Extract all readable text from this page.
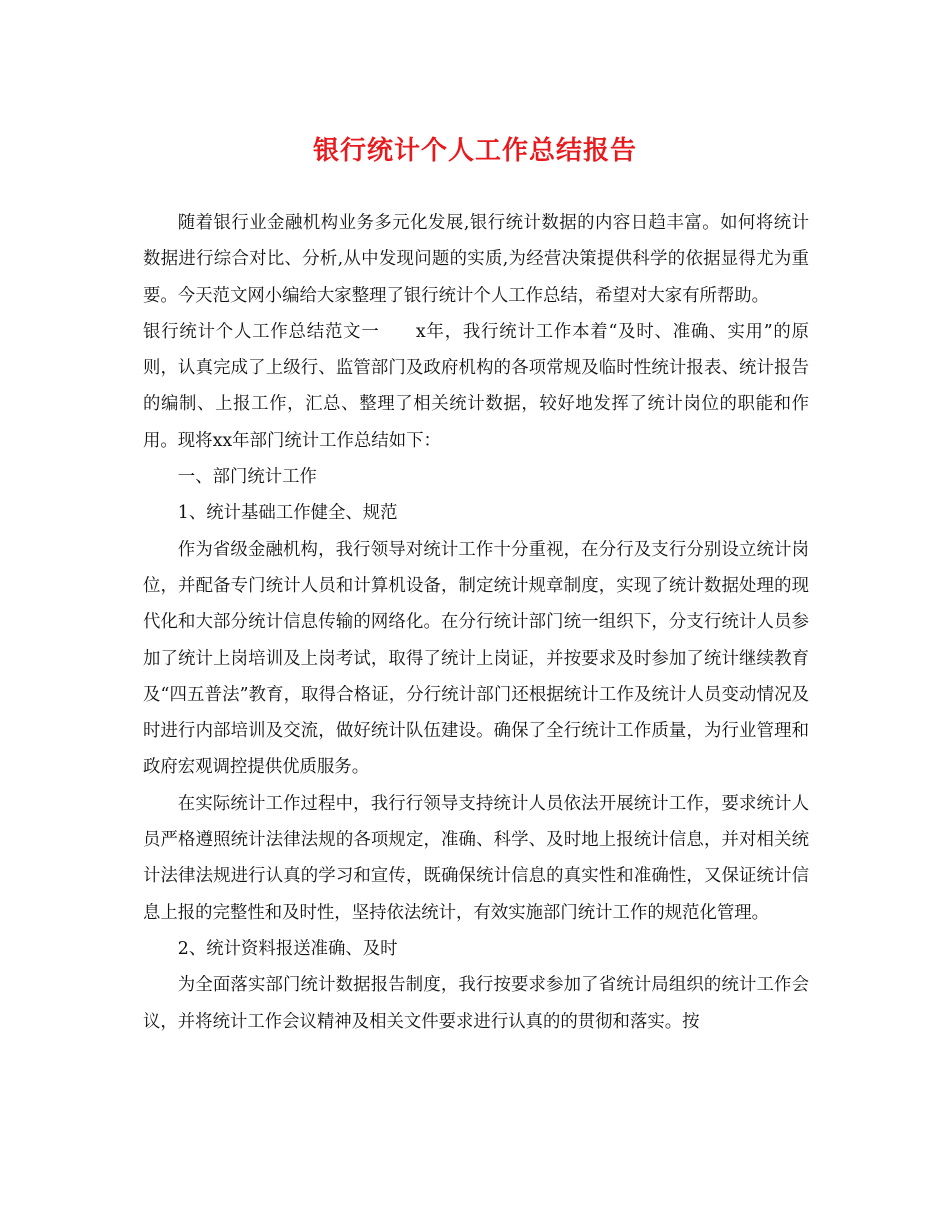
银行统计个人工作总结报告

随着银行业金融机构业务多元化发展,银行统计数据的内容日趋丰富。如何将统计数据进行综合对比、分析,从中发现问题的实质,为经营决策提供科学的依据显得尤为重要。今天范文网小编给大家整理了银行统计个人工作总结，希望对大家有所帮助。

银行统计个人工作总结范文一　　x年，我行统计工作本着“及时、准确、实用”的原则，认真完成了上级行、监管部门及政府机构的各项常规及临时性统计报表、统计报告的编制、上报工作，汇总、整理了相关统计数据，较好地发挥了统计岗位的职能和作用。现将xx年部门统计工作总结如下：

一、部门统计工作

1、统计基础工作健全、规范

作为省级金融机构，我行领导对统计工作十分重视，在分行及支行分别设立统计岗位，并配备专门统计人员和计算机设备，制定统计规章制度，实现了统计数据处理的现代化和大部分统计信息传输的网络化。在分行统计部门统一组织下，分支行统计人员参加了统计上岗培训及上岗考试，取得了统计上岗证，并按要求及时参加了统计继续教育及“四五普法”教育，取得合格证，分行统计部门还根据统计工作及统计人员变动情况及时进行内部培训及交流，做好统计队伍建设。确保了全行统计工作质量，为行业管理和政府宏观调控提供优质服务。

在实际统计工作过程中，我行行领导支持统计人员依法开展统计工作，要求统计人员严格遵照统计法律法规的各项规定，准确、科学、及时地上报统计信息，并对相关统计法律法规进行认真的学习和宣传，既确保统计信息的真实性和准确性，又保证统计信息上报的完整性和及时性，坚持依法统计，有效实施部门统计工作的规范化管理。

2、统计资料报送准确、及时

为全面落实部门统计数据报告制度，我行按要求参加了省统计局组织的统计工作会议，并将统计工作会议精神及相关文件要求进行认真的的贯彻和落实。按
